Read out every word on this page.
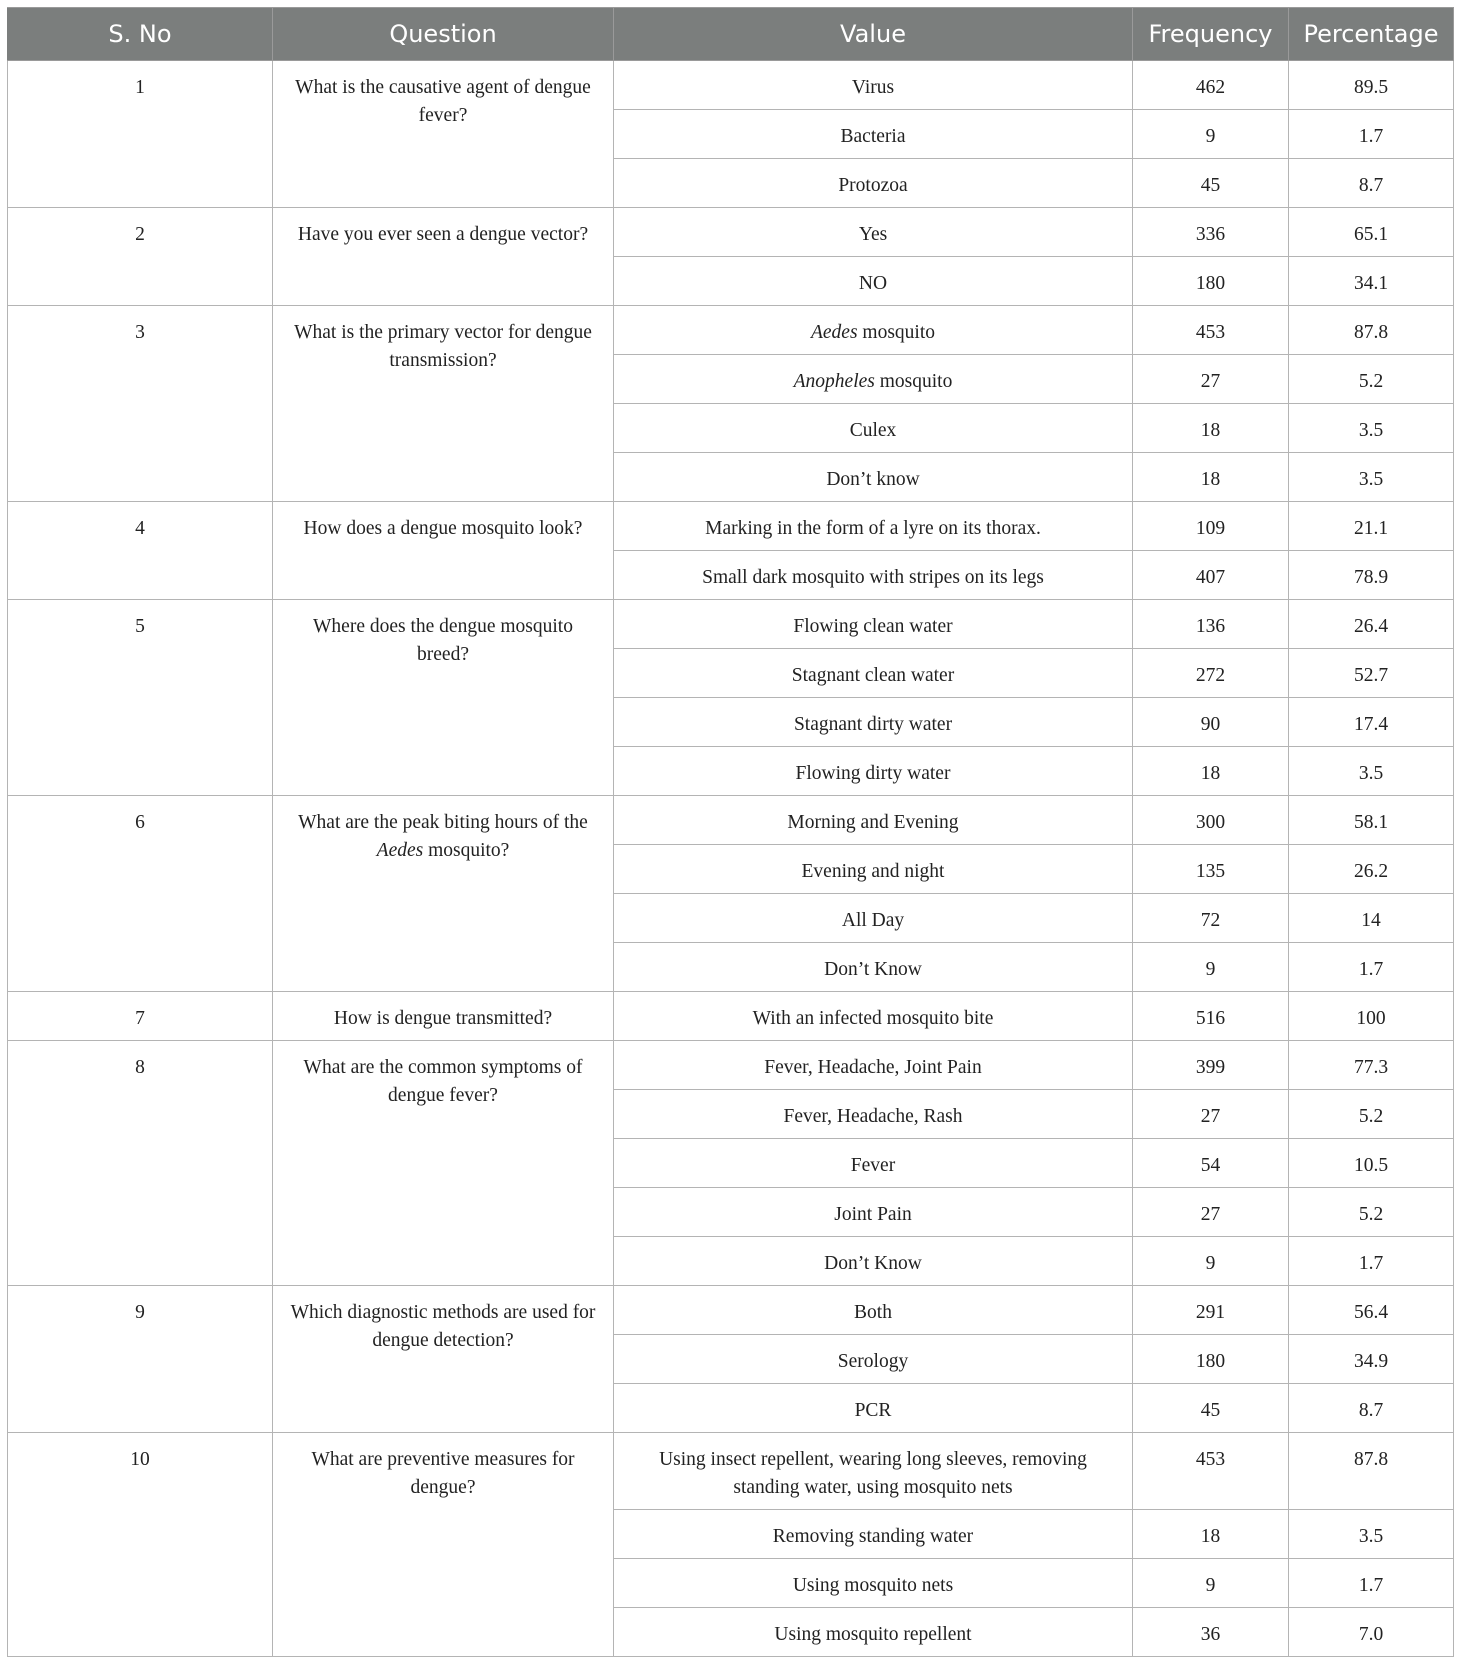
S. No	Question	Value	Frequency	Percentage
1	What is the causative agent of dengue fever?	Virus	462	89.5
		Bacteria	9	1.7
		Protozoa	45	8.7
2	Have you ever seen a dengue vector?	Yes	336	65.1
		NO	180	34.1
3	What is the primary vector for dengue transmission?	Aedes mosquito	453	87.8
		Anopheles mosquito	27	5.2
		Culex	18	3.5
		Don’t know	18	3.5
4	How does a dengue mosquito look?	Marking in the form of a lyre on its thorax.	109	21.1
		Small dark mosquito with stripes on its legs	407	78.9
5	Where does the dengue mosquito breed?	Flowing clean water	136	26.4
		Stagnant clean water	272	52.7
		Stagnant dirty water	90	17.4
		Flowing dirty water	18	3.5
6	What are the peak biting hours of the
Aedes mosquito?	Morning and Evening	300	58.1
		Evening and night	135	26.2
		All Day	72	14
		Don’t Know	9	1.7
7	How is dengue transmitted?	With an infected mosquito bite	516	100
8	What are the common symptoms of dengue fever?	Fever, Headache, Joint Pain	399	77.3
		Fever, Headache, Rash	27	5.2
		Fever	54	10.5
		Joint Pain	27	5.2
		Don’t Know	9	1.7
9	Which diagnostic methods are used for dengue detection?	Both	291	56.4
		Serology	180	34.9
		PCR	45	8.7
10	What are preventive measures for dengue?	Using insect repellent, wearing long sleeves, removing standing water, using mosquito nets	453	87.8
		Removing standing water	18	3.5
		Using mosquito nets	9	1.7
		Using mosquito repellent	36	7.0
